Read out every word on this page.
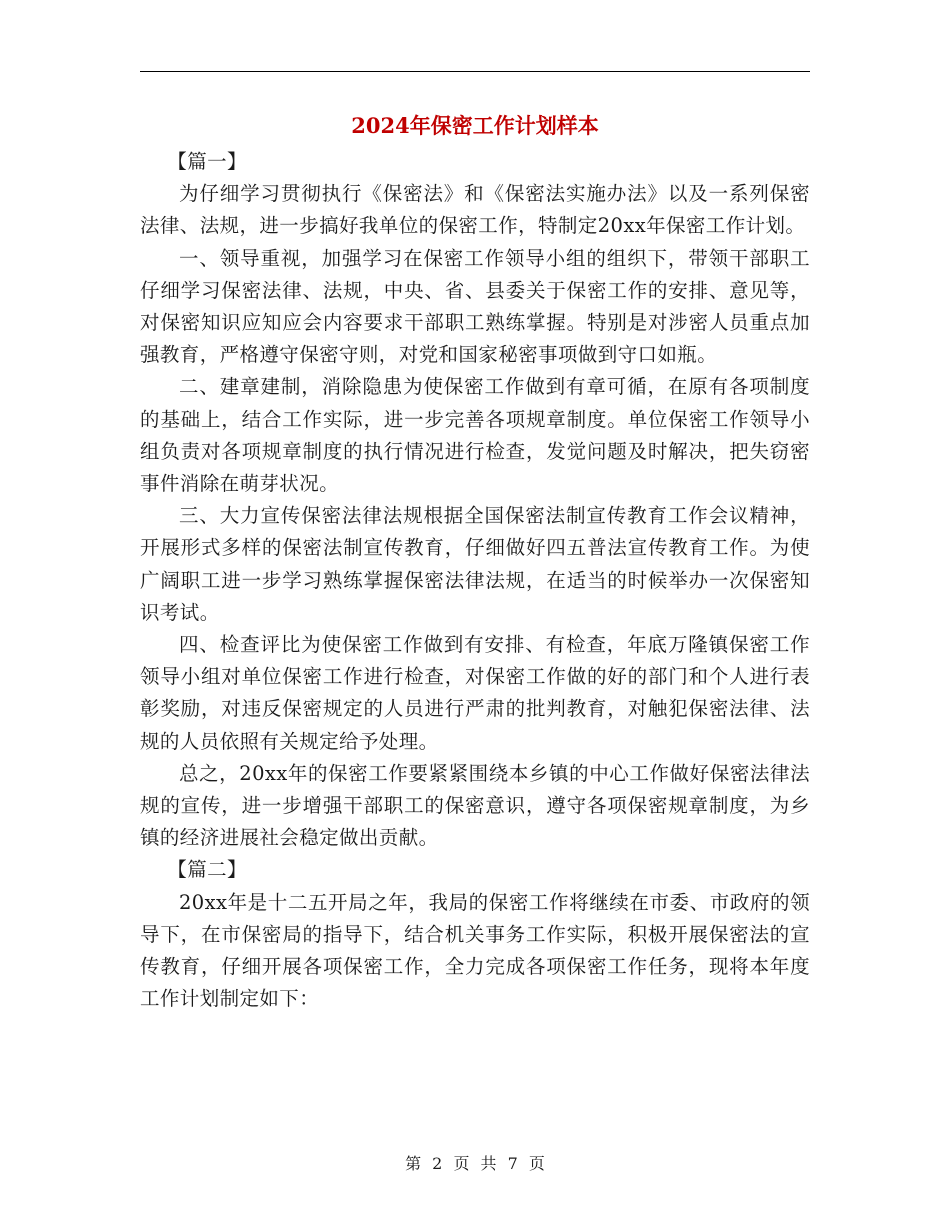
2024年保密工作计划样本

【篇一】

为仔细学习贯彻执行《保密法》和《保密法实施办法》以及一系列保密法律、法规，进一步搞好我单位的保密工作，特制定20xx年保密工作计划。

一、领导重视，加强学习在保密工作领导小组的组织下，带领干部职工仔细学习保密法律、法规，中央、省、县委关于保密工作的安排、意见等，对保密知识应知应会内容要求干部职工熟练掌握。特别是对涉密人员重点加强教育，严格遵守保密守则，对党和国家秘密事项做到守口如瓶。

二、建章建制，消除隐患为使保密工作做到有章可循，在原有各项制度的基础上，结合工作实际，进一步完善各项规章制度。单位保密工作领导小组负责对各项规章制度的执行情况进行检查，发觉问题及时解决，把失窃密事件消除在萌芽状况。

三、大力宣传保密法律法规根据全国保密法制宣传教育工作会议精神，开展形式多样的保密法制宣传教育，仔细做好四五普法宣传教育工作。为使广阔职工进一步学习熟练掌握保密法律法规，在适当的时候举办一次保密知识考试。

四、检查评比为使保密工作做到有安排、有检查，年底万隆镇保密工作领导小组对单位保密工作进行检查，对保密工作做的好的部门和个人进行表彰奖励，对违反保密规定的人员进行严肃的批判教育，对触犯保密法律、法规的人员依照有关规定给予处理。

总之，20xx年的保密工作要紧紧围绕本乡镇的中心工作做好保密法律法规的宣传，进一步增强干部职工的保密意识，遵守各项保密规章制度，为乡镇的经济进展社会稳定做出贡献。

【篇二】

20xx年是十二五开局之年，我局的保密工作将继续在市委、市政府的领导下，在市保密局的指导下，结合机关事务工作实际，积极开展保密法的宣传教育，仔细开展各项保密工作，全力完成各项保密工作任务，现将本年度工作计划制定如下：

第 2 页 共 7 页
